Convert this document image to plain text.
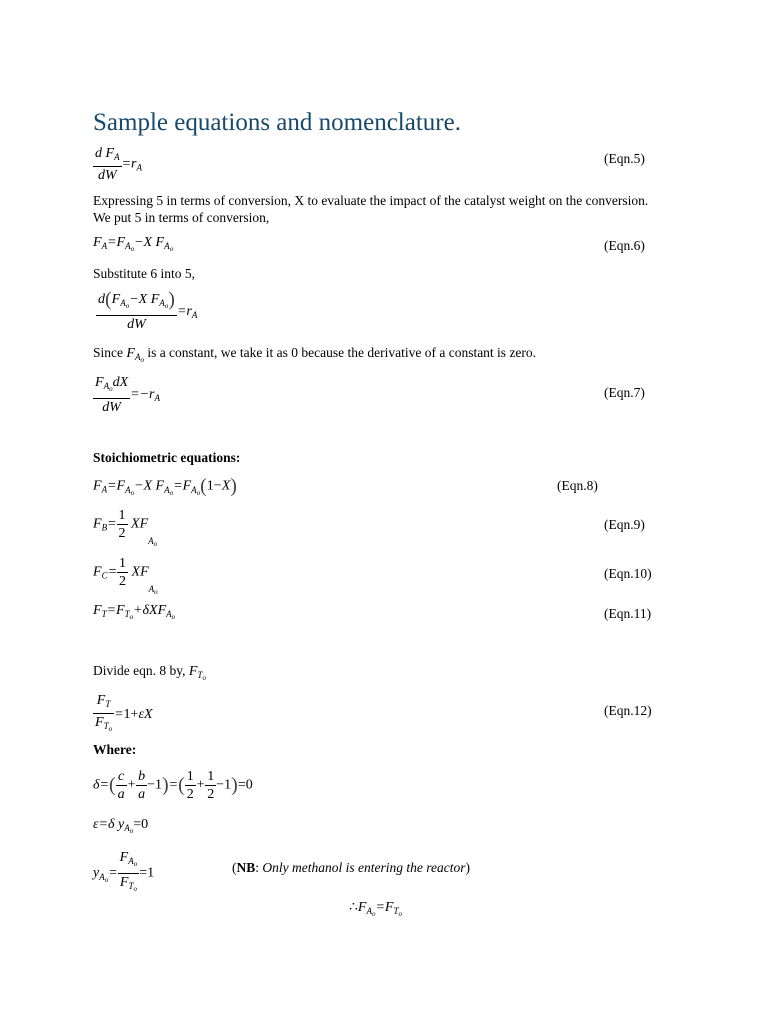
Sample equations and nomenclature.
$\frac{d F_A}{dW} =r_A$
(Eqn.5)
Expressing 5 in terms of conversion, X to evaluate the impact of the catalyst weight on the conversion. We put 5 in terms of conversion,
$F_A=F_{A_o}-X$ $F_{A_o}$	(Eqn.6)
Substitute 6 into 5,
$\frac{d(F_{A_o}-X F_{A_o})}{dW} =r_A$
Since $F_{A_o}$ is a constant, we take it as 0 because the derivative of a constant is zero.
$\frac{F_{A_o}dX}{dW} =-r_A$	(Eqn.7)
Stoichiometric equations:
$F_A=F_{A_o}-X$ $F_{A_o}=F_{A_o}(1-X)$	(Eqn.8)
$F_B= \frac{1}{2} XF_{A_o}$
(Eqn.9)
$F_C= \frac{1}{2} XF_{A_o}$
(Eqn.10)
$F_T=F_{T_o}+\delta XF_{A_o}$	(Eqn.11)
Divide eqn. 8 by, $F_{T_o}$
$\frac{F_T}{F_{T_o}} =1+\varepsilon X$	(Eqn.12)
Where:
$\delta=( \frac{c}{a} + \frac{b}{a} -1)=( \frac{1}{2} + \frac{1}{2} -1)=0$
ε=δ $y_{A_o}=0$
$y_{A_o}= \frac{F_{A_o}}{F_{T_o}} =1$	(NB: Only methanol is entering the reactor)
$\therefore F_{A_o}=F_{T_o}$
